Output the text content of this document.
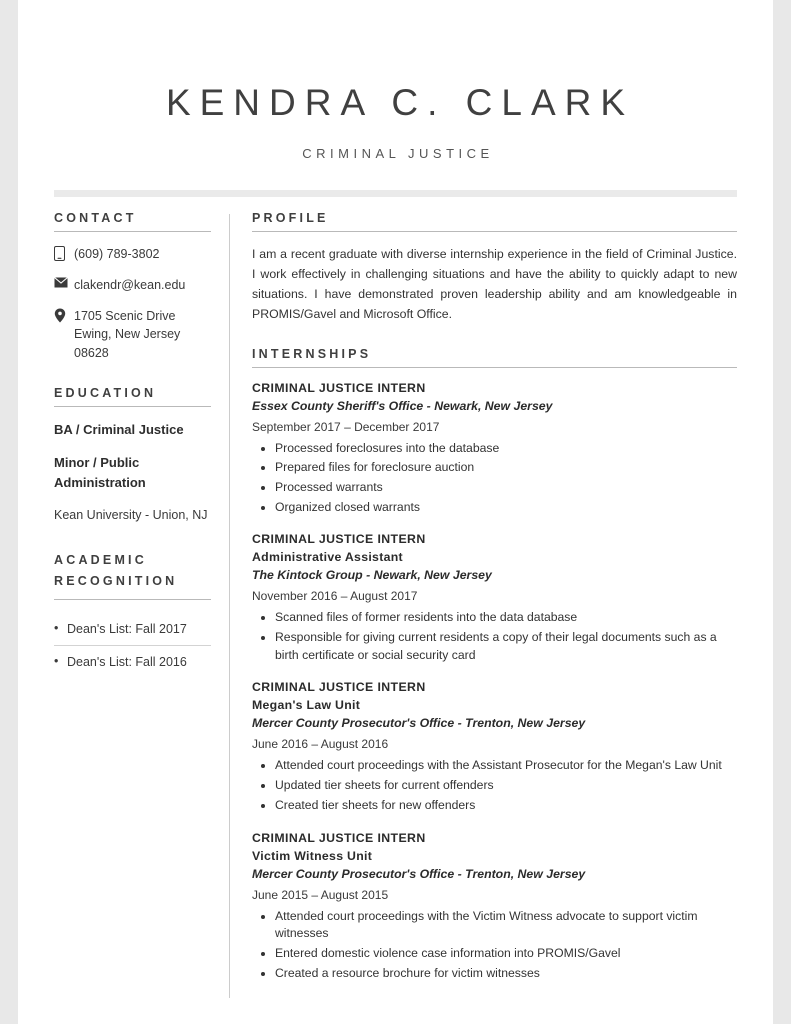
KENDRA C. CLARK
CRIMINAL JUSTICE
CONTACT
(609) 789-3802
clakendr@kean.edu
1705 Scenic Drive Ewing, New Jersey 08628
EDUCATION
BA / Criminal Justice
Minor / Public Administration
Kean University - Union, NJ
ACADEMIC RECOGNITION
• Dean's List: Fall 2017
• Dean's List: Fall 2016
PROFILE

I am a recent graduate with diverse internship experience in the field of Criminal Justice. I work effectively in challenging situations and have the ability to quickly adapt to new situations. I have demonstrated proven leadership ability and am knowledgeable in PROMIS/Gavel and Microsoft Office.

INTERNSHIPS
CRIMINAL JUSTICE INTERN
Essex County Sheriff's Office - Newark, New Jersey
September 2017 – December 2017
• Processed foreclosures into the database
• Prepared files for foreclosure auction
• Processed warrants
• Organized closed warrants
CRIMINAL JUSTICE INTERN
Administrative Assistant
The Kintock Group - Newark, New Jersey
November 2016 – August 2017
• Scanned files of former residents into the data database
• Responsible for giving current residents a copy of their legal documents such as a birth certificate or social security card
CRIMINAL JUSTICE INTERN
Megan's Law Unit
Mercer County Prosecutor's Office - Trenton, New Jersey
June 2016 – August 2016
• Attended court proceedings with the Assistant Prosecutor for the Megan's Law Unit
• Updated tier sheets for current offenders
• Created tier sheets for new offenders
CRIMINAL JUSTICE INTERN
Victim Witness Unit
Mercer County Prosecutor's Office - Trenton, New Jersey
June 2015 – August 2015
• Attended court proceedings with the Victim Witness advocate to support victim witnesses
• Entered domestic violence case information into PROMIS/Gavel
• Created a resource brochure for victim witnesses
